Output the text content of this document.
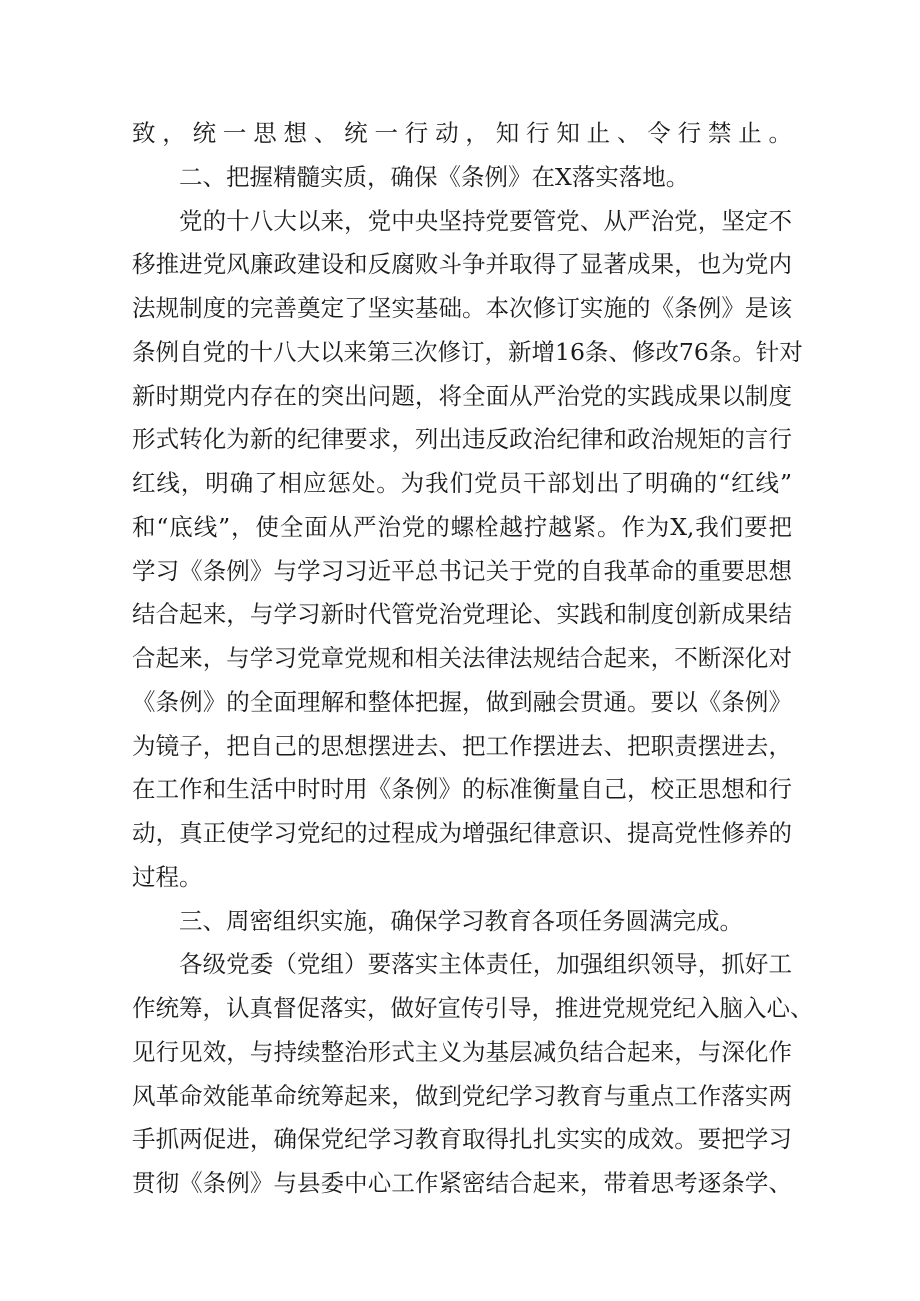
致，统一思想、统一行动，知行知止、令行禁止。
二、把握精髓实质，确保《条例》在X落实落地。
党的十八大以来，党中央坚持党要管党、从严治党，坚定不
移推进党风廉政建设和反腐败斗争并取得了显著成果，也为党内
法规制度的完善奠定了坚实基础。本次修订实施的《条例》是该
条例自党的十八大以来第三次修订，新增16条、修改76条。针对
新时期党内存在的突出问题，将全面从严治党的实践成果以制度
形式转化为新的纪律要求，列出违反政治纪律和政治规矩的言行
红线，明确了相应惩处。为我们党员干部划出了明确的“红线”
和“底线”，使全面从严治党的螺栓越拧越紧。作为X,我们要把
学习《条例》与学习习近平总书记关于党的自我革命的重要思想
结合起来，与学习新时代管党治党理论、实践和制度创新成果结
合起来，与学习党章党规和相关法律法规结合起来，不断深化对
《条例》的全面理解和整体把握，做到融会贯通。要以《条例》
为镜子，把自己的思想摆进去、把工作摆进去、把职责摆进去，
在工作和生活中时时用《条例》的标准衡量自己，校正思想和行
动，真正使学习党纪的过程成为增强纪律意识、提高党性修养的
过程。
三、周密组织实施，确保学习教育各项任务圆满完成。
各级党委（党组）要落实主体责任，加强组织领导，抓好工
作统筹，认真督促落实，做好宣传引导，推进党规党纪入脑入心、
见行见效，与持续整治形式主义为基层减负结合起来，与深化作
风革命效能革命统筹起来，做到党纪学习教育与重点工作落实两
手抓两促进，确保党纪学习教育取得扎扎实实的成效。要把学习
贯彻《条例》与县委中心工作紧密结合起来，带着思考逐条学、
